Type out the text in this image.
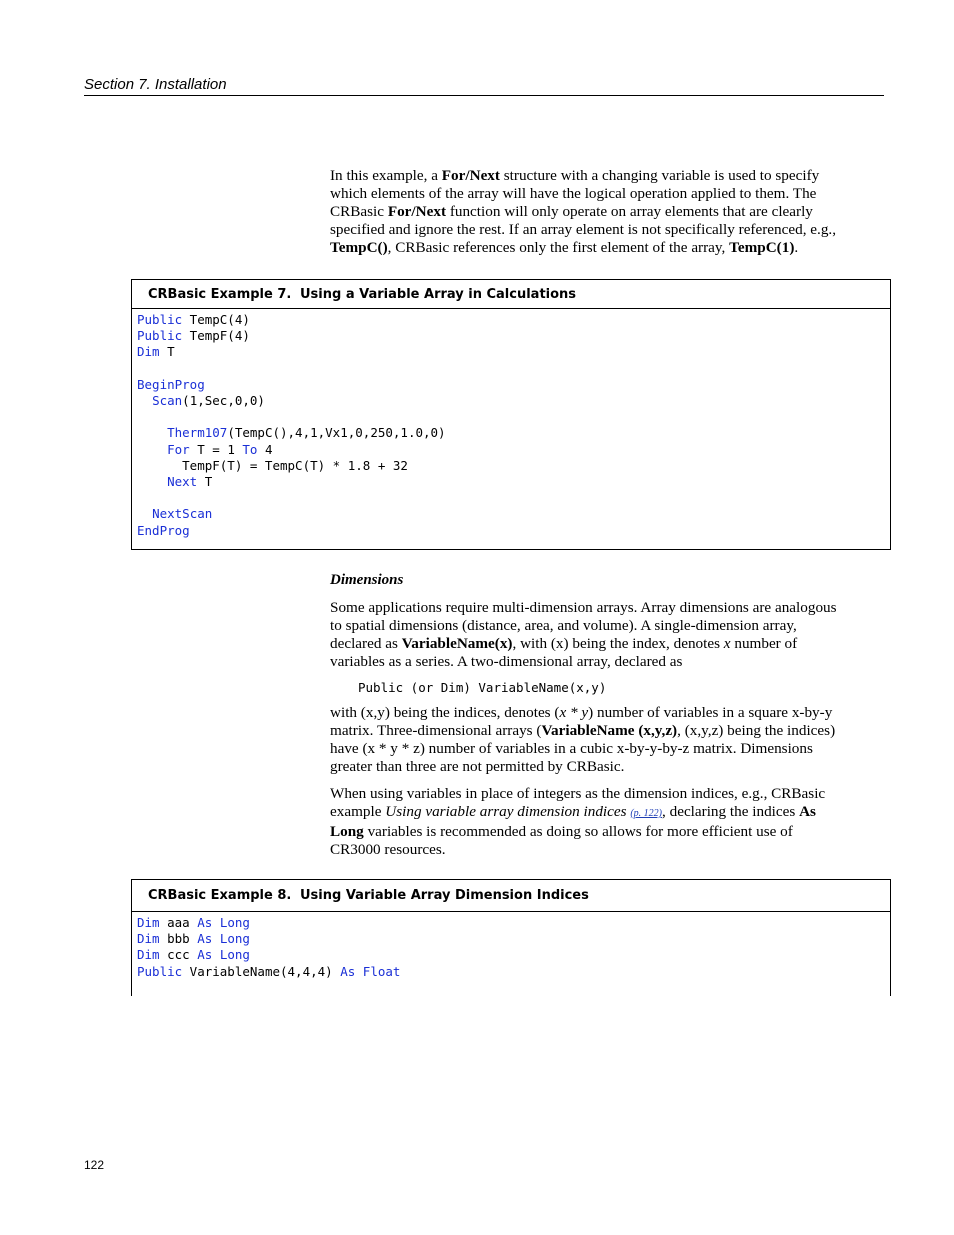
Section 7. Installation
In this example, a For/Next structure with a changing variable is used to specify which elements of the array will have the logical operation applied to them. The CRBasic For/Next function will only operate on array elements that are clearly specified and ignore the rest. If an array element is not specifically referenced, e.g., TempC(), CRBasic references only the first element of the array, TempC(1).
CRBasic Example 7. Using a Variable Array in Calculations
Public TempC(4)
Public TempF(4)
Dim T

BeginProg
Scan(1,Sec,0,0)

Therm107(TempC(),4,1,Vx1,0,250,1.0,0)
For T = 1 To 4
TempF(T) = TempC(T) * 1.8 + 32
Next T

NextScan
EndProg
Dimensions
Some applications require multi-dimension arrays. Array dimensions are analogous to spatial dimensions (distance, area, and volume). A single-dimension array, declared as VariableName(x), with (x) being the index, denotes x number of variables as a series. A two-dimensional array, declared as
Public (or Dim) VariableName(x,y)
with (x,y) being the indices, denotes (x * y) number of variables in a square x-by-y matrix. Three-dimensional arrays (VariableName (x,y,z), (x,y,z) being the indices) have (x * y * z) number of variables in a cubic x-by-y-by-z matrix. Dimensions greater than three are not permitted by CRBasic.
When using variables in place of integers as the dimension indices, e.g., CRBasic example Using variable array dimension indices (p. 122), declaring the indices As Long variables is recommended as doing so allows for more efficient use of CR3000 resources.
CRBasic Example 8. Using Variable Array Dimension Indices
Dim aaa As Long
Dim bbb As Long
Dim ccc As Long
Public VariableName(4,4,4) As Float
122
